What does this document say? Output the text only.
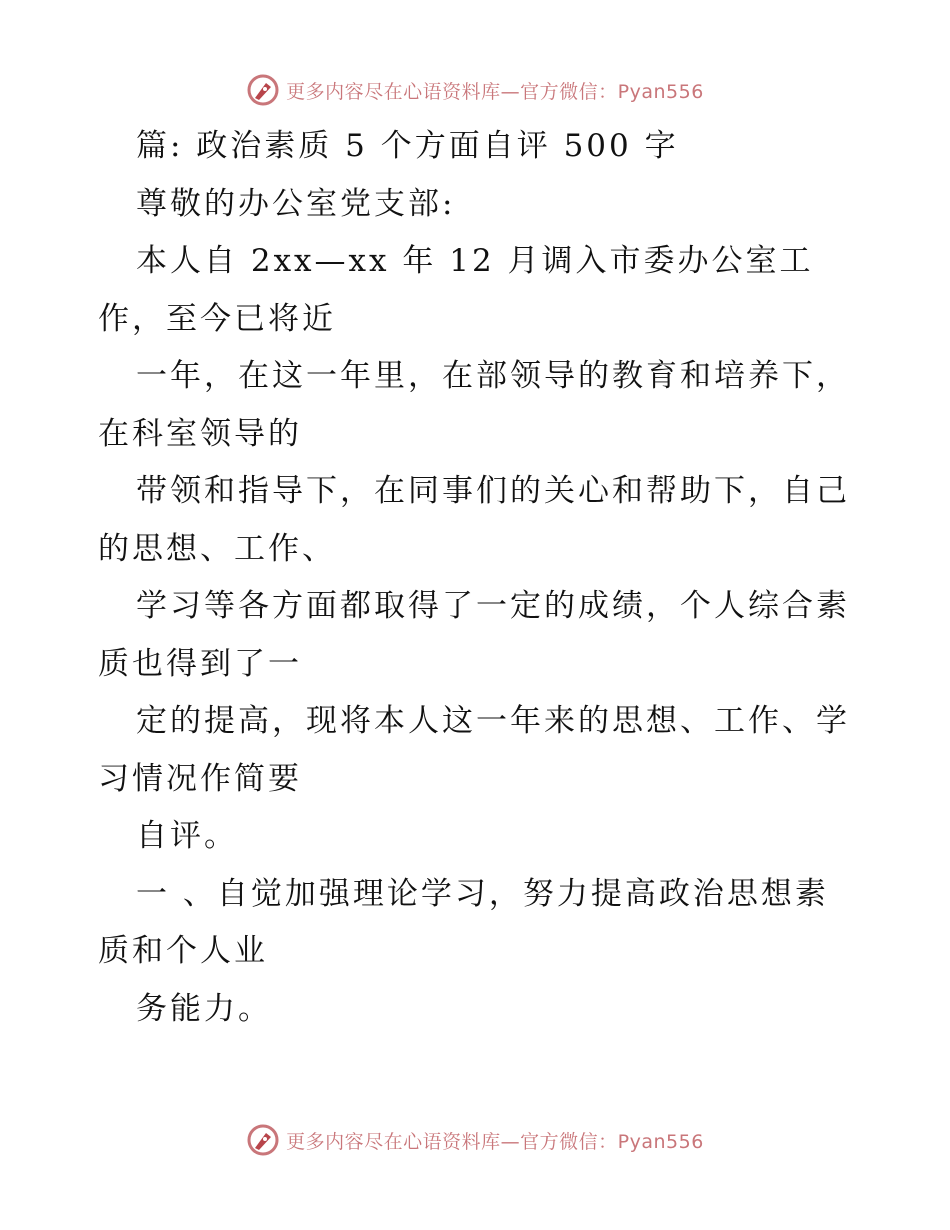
更多内容尽在心语资料库—官方微信：Pyan556
篇: 政治素质 5 个方面自评 500 字
尊敬的办公室党支部:
本人自 2xx—xx 年 12 月调入市委办公室工
作，至今已将近
一年，在这一年里，在部领导的教育和培养下，
在科室领导的
带领和指导下，在同事们的关心和帮助下，自己
的思想、工作、
学习等各方面都取得了一定的成绩，个人综合素
质也得到了一
定的提高，现将本人这一年来的思想、工作、学
习情况作简要
自评。
一 、自觉加强理论学习，努力提高政治思想素
质和个人业
务能力。
更多内容尽在心语资料库—官方微信：Pyan556
